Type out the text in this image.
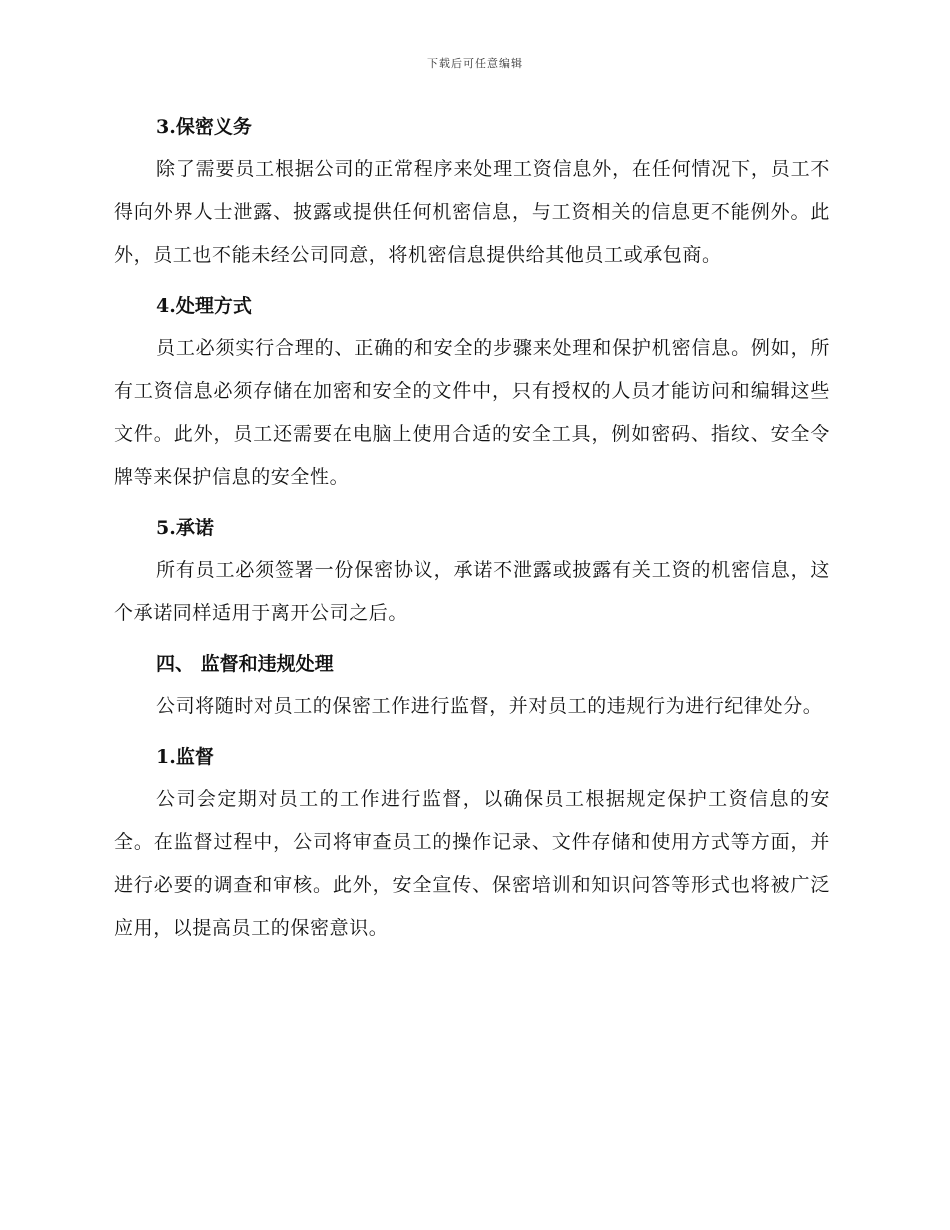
下载后可任意编辑
3.保密义务

除了需要员工根据公司的正常程序来处理工资信息外，在任何情况下，员工不得向外界人士泄露、披露或提供任何机密信息，与工资相关的信息更不能例外。此外，员工也不能未经公司同意，将机密信息提供给其他员工或承包商。

4.处理方式

员工必须实行合理的、正确的和安全的步骤来处理和保护机密信息。例如，所有工资信息必须存储在加密和安全的文件中，只有授权的人员才能访问和编辑这些文件。此外，员工还需要在电脑上使用合适的安全工具，例如密码、指纹、安全令牌等来保护信息的安全性。

5.承诺

所有员工必须签署一份保密协议，承诺不泄露或披露有关工资的机密信息，这个承诺同样适用于离开公司之后。

四、 监督和违规处理

公司将随时对员工的保密工作进行监督，并对员工的违规行为进行纪律处分。

1.监督

公司会定期对员工的工作进行监督，以确保员工根据规定保护工资信息的安全。在监督过程中，公司将审查员工的操作记录、文件存储和使用方式等方面，并进行必要的调查和审核。此外，安全宣传、保密培训和知识问答等形式也将被广泛应用，以提高员工的保密意识。
